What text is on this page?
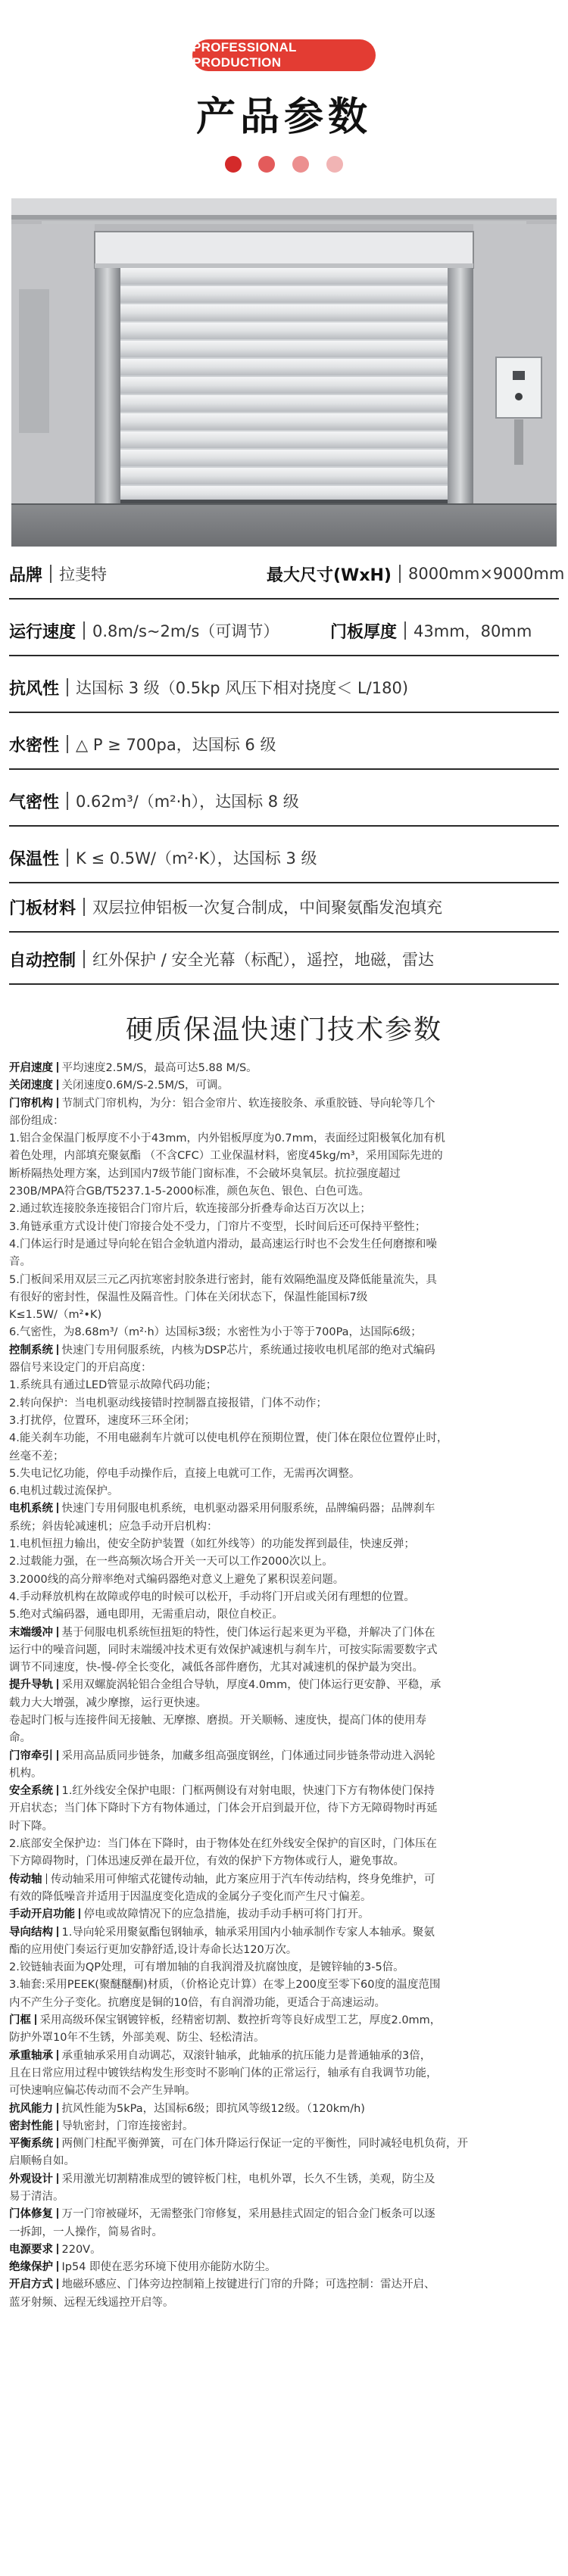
PROFESSIONAL PRODUCTION
产品参数
品牌 拉斐特	最大尺寸(WxH) 8000mm×9000mm
运行速度 0.8m/s~2m/s（可调节）	门板厚度 43mm，80mm
抗风性 达国标 3 级（0.5kp 风压下相对挠度＜ L/180)
水密性 △ P ≥ 700pa，达国标 6 级
气密性 0.62m³/（m²·h），达国标 8 级
保温性 K ≤ 0.5W/（m²·K），达国标 3 级
门板材料 双层拉伸铝板一次复合制成，中间聚氨酯发泡填充
自动控制 红外保护 / 安全光幕（标配），遥控，地磁，雷达
硬质保温快速门技术参数
开启速度 平均速度2.5M/S，最高可达5.88 M/S。
关闭速度 关闭速度0.6M/S-2.5M/S，可调。
门帘机构 节制式门帘机构，为分：铝合金帘片、软连接胶条、承重胶链、导向轮等几个
部份组成：
1.铝合金保温门板厚度不小于43mm，内外铝板厚度为0.7mm，表面经过阳极氧化加有机
着色处理，内部填充聚氨酯 （不含CFC）工业保温材料，密度45kg/m³，采用国际先进的
断桥隔热处理方案，达到国内7级节能门窗标准，不会破坏臭氧层。抗拉强度超过
230B/MPA符合GB/T5237.1-5-2000标准，颜色灰色、银色、白色可选。
2.通过软连接胶条连接铝合门帘片后，软连接部分折叠寿命达百万次以上；
3.角链承重方式设计使门帘接合处不受力，门帘片不变型，长时间后还可保持平整性；
4.门体运行时是通过导向轮在铝合金轨道内滑动，最高速运行时也不会发生任何磨擦和噪
音。
5.门板间采用双层三元乙丙抗寒密封胶条进行密封，能有效隔绝温度及降低能量流失，具
有很好的密封性，保温性及隔音性。门体在关闭状态下，保温性能国标7级
K≤1.5W/（m²•K)
6.气密性，为8.68m³/（m²·h）达国标3级；水密性为小于等于700Pa，达国际6级；
控制系统 快速门专用伺服系统，内核为DSP芯片，系统通过接收电机尾部的绝对式编码
器信号来设定门的开启高度：
1.系统具有通过LED管显示故障代码功能；
2.转向保护：当电机驱动线接错时控制器直接报错，门体不动作；
3.打扰停，位置环，速度环三环全闭；
4.能关刹车功能，不用电磁刹车片就可以使电机停在预期位置，使门体在限位位置停止时，
丝毫不差；
5.失电记忆功能，停电手动操作后，直接上电就可工作，无需再次调整。
6.电机过载过流保护。
电机系统 快速门专用伺服电机系统，电机驱动器采用伺服系统，品牌编码器；品牌刹车
系统；斜齿轮减速机；应急手动开启机构：
1.电机恒扭力输出，使安全防护装置（如红外线等）的功能发挥到最佳，快速反弹；
2.过载能力强，在一些高频次场合开关一天可以工作2000次以上。
3.2000线的高分辩率绝对式编码器绝对意义上避免了累积误差问题。
4.手动释放机构在故障或停电的时候可以松开，手动将门开启或关闭有理想的位置。
5.绝对式编码器，通电即用，无需重启动，限位自校正。
末端缓冲 基于伺服电机系统恒扭矩的特性，使门体运行起来更为平稳，并解决了门体在
运行中的噪音问题，同时末端缓冲技术更有效保护减速机与刹车片，可按实际需要数字式
调节不同速度，快-慢-停全长变化，减低各部件磨伤，尤其对减速机的保护最为突出。
提升导轨 采用双螺旋涡轮铝合金组合导轨，厚度4.0mm，使门体运行更安静、平稳，承
载力大大增强，减少摩擦，运行更快速。
卷起时门板与连接件间无接触、无摩擦、磨损。开关顺畅、速度快，提高门体的使用寿
命。
门帘牵引 采用高品质同步链条，加藏多组高强度钢丝，门体通过同步链条带动进入涡轮
机构。
安全系统 1.红外线安全保护电眼：门框两侧设有对射电眼，快速门下方有物体使门保持
开启状态；当门体下降时下方有物体通过，门体会开启到最开位，待下方无障碍物时再延
时下降。
2.底部安全保护边：当门体在下降时，由于物体处在红外线安全保护的盲区时，门体压在
下方障碍物时，门体迅速反弹在最开位，有效的保护下方物体或行人，避免事故。
传动轴 传动轴采用可伸缩式花键传动轴，此方案应用于汽车传动结构，终身免维护，可
有效的降低噪音并适用于因温度变化造成的金属分子变化而产生尺寸偏差。
手动开启功能 停电或故障情况下的应急措施，拔动手动手柄可将门打开。
导向结构 1.导向轮采用聚氨酯包钢轴承，轴承采用国内小轴承制作专家人本轴承。聚氨
酯的应用使门奏运行更加安静舒适,设计寿命长达120万次。
2.铰链轴表面为QP处理，可有增加轴的自我润滑及抗腐蚀度，是镀锌轴的3-5倍。
3.轴套:采用PEEK(聚醚醚酮)材质，（价格论克计算）在零上200度至零下60度的温度范围
内不产生分子变化。抗磨度是铜的10倍，有自润滑功能，更适合于高速运动。
门框 采用高级环保宝钢镀锌板，经精密切割、数控折弯等良好成型工艺，厚度2.0mm，
防护外罩10年不生锈，外部美观、防尘、轻松清洁。
承重轴承 承重轴承采用自动调芯，双滚针轴承，此轴承的抗压能力是普通轴承的3倍，
且在日常应用过程中镀铁结构发生形变时不影响门体的正常运行，轴承有自我调节功能，
可快速响应偏芯传动而不会产生异响。
抗风能力 抗风性能为5kPa，达国标6级；即抗风等级12级。（120km/h)
密封性能 导轨密封，门帘连接密封。
平衡系统 两侧门柱配平衡弹簧，可在门体升降运行保证一定的平衡性，同时减轻电机负荷，开
启顺畅自如。
外观设计 采用激光切割精准成型的镀锌板门柱，电机外罩，长久不生锈，美观，防尘及
易于清洁。
门体修复 万一门帘被碰坏，无需整张门帘修复，采用悬挂式固定的铝合金门板条可以逐
一拆卸，一人操作，简易省时。
电源要求 220V。
绝缘保护 Ip54 即使在恶劣环境下使用亦能防水防尘。
开启方式 地磁环感应、门体旁边控制箱上按键进行门帘的升降；可选控制：雷达开启、
蓝牙射频、远程无线遥控开启等。
